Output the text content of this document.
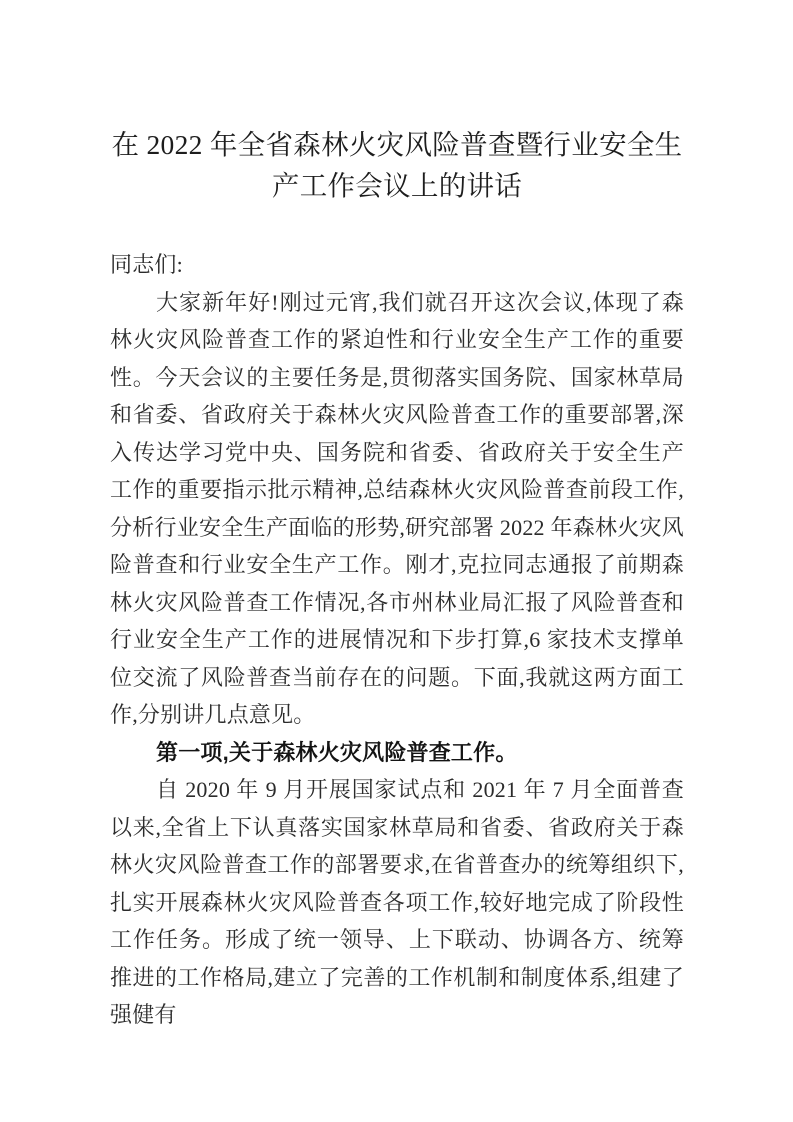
在 2022 年全省森林火灾风险普查暨行业安全生产工作会议上的讲话

同志们:

大家新年好!刚过元宵,我们就召开这次会议,体现了森林火灾风险普查工作的紧迫性和行业安全生产工作的重要性。今天会议的主要任务是,贯彻落实国务院、国家林草局和省委、省政府关于森林火灾风险普查工作的重要部署,深入传达学习党中央、国务院和省委、省政府关于安全生产工作的重要指示批示精神,总结森林火灾风险普查前段工作,分析行业安全生产面临的形势,研究部署 2022 年森林火灾风险普查和行业安全生产工作。刚才,克拉同志通报了前期森林火灾风险普查工作情况,各市州林业局汇报了风险普查和行业安全生产工作的进展情况和下步打算,6 家技术支撑单位交流了风险普查当前存在的问题。下面,我就这两方面工作,分别讲几点意见。

第一项,关于森林火灾风险普查工作。

自 2020 年 9 月开展国家试点和 2021 年 7 月全面普查以来,全省上下认真落实国家林草局和省委、省政府关于森林火灾风险普查工作的部署要求,在省普查办的统筹组织下,扎实开展森林火灾风险普查各项工作,较好地完成了阶段性工作任务。形成了统一领导、上下联动、协调各方、统筹推进的工作格局,建立了完善的工作机制和制度体系,组建了强健有
